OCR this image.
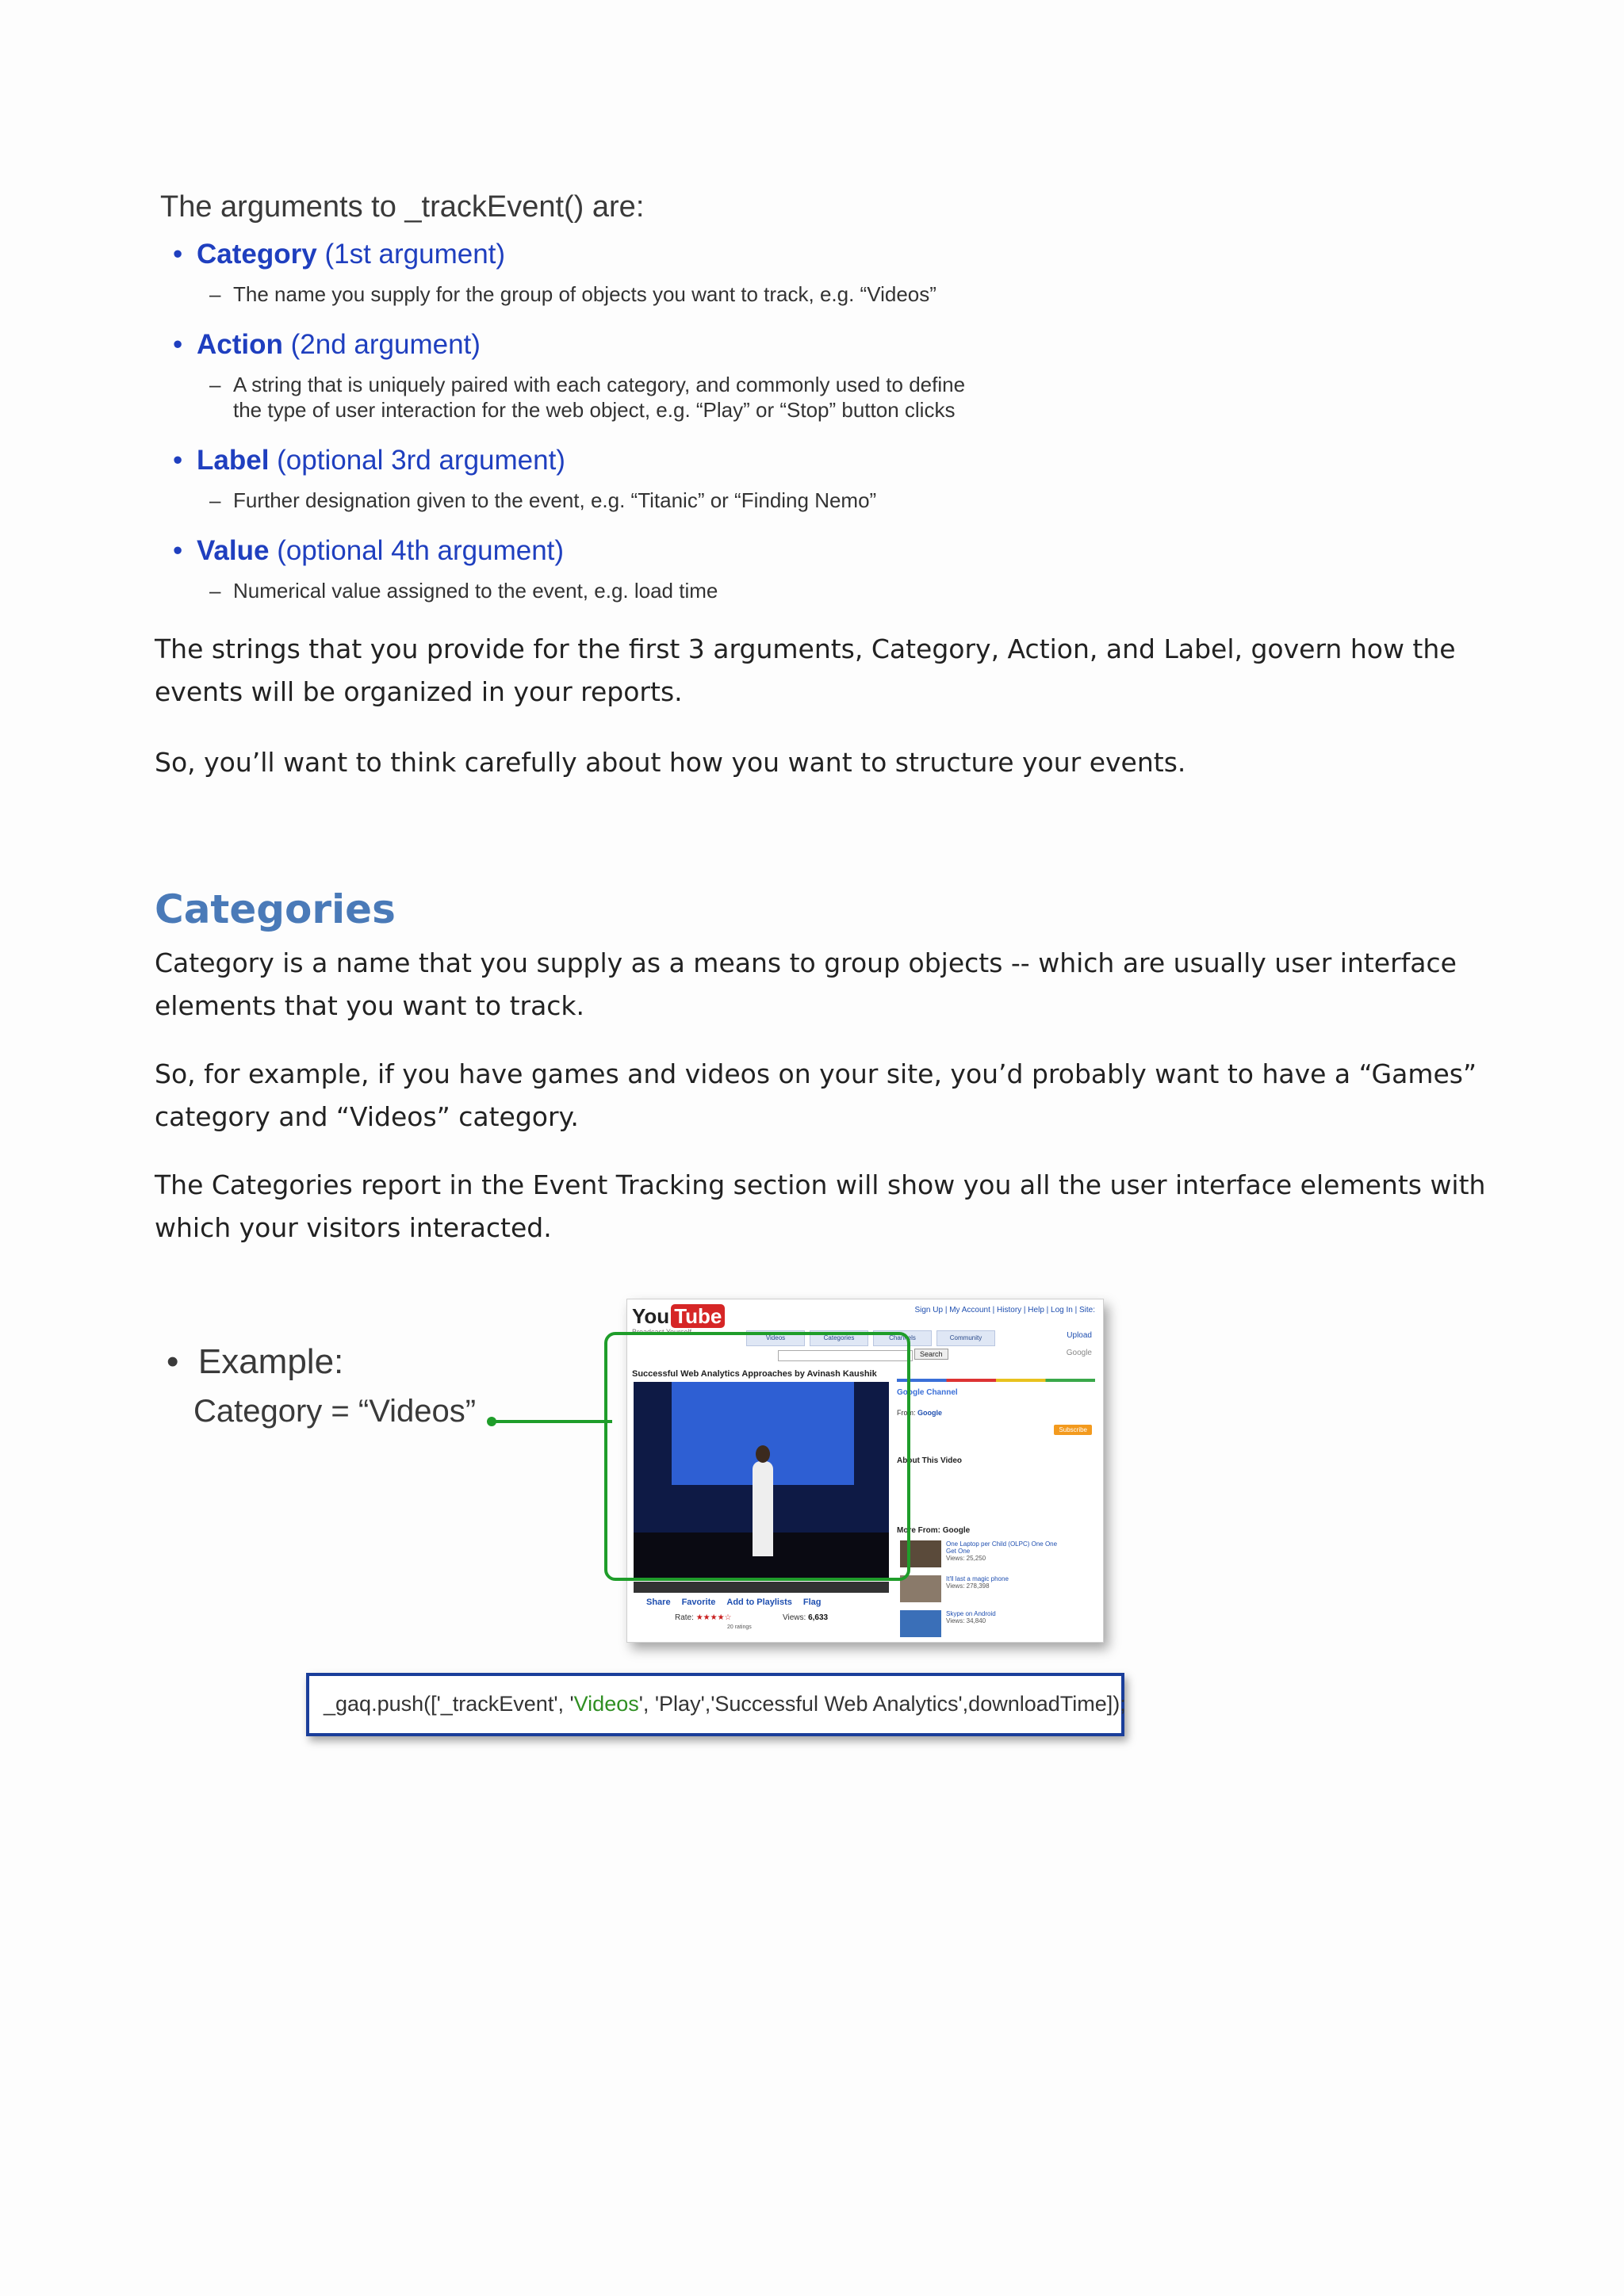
The arguments to _trackEvent() are:

• Category (1st argument)

– The name you supply for the group of objects you want to track, e.g. “Videos”

• Action (2nd argument)

– A string that is uniquely paired with each category, and commonly used to define
the type of user interaction for the web object, e.g. “Play” or “Stop” button clicks

• Label (optional 3rd argument)

– Further designation given to the event, e.g. “Titanic” or “Finding Nemo”

• Value (optional 4th argument)

– Numerical value assigned to the event, e.g. load time

The strings that you provide for the first 3 arguments, Category, Action, and Label, govern how the events will be organized in your reports.

So, you’ll want to think carefully about how you want to structure your events.

Categories

Category is a name that you supply as a means to group objects -- which are usually user interface elements that you want to track.

So, for example, if you have games and videos on your site, you’d probably want to have a “Games” category and “Videos” category.

The Categories report in the Event Tracking section will show you all the user interface elements with which your visitors interacted.

• Example:
Category = “Videos”
You Tube
Broadcast Yourself
Sign Up | My Account | History | Help | Log In | Site:
Videos	Categories	Channels	Community	Upload
Search	Google
Successful Web Analytics Approaches by Avinash Kaushik
Share Favorite Add to Playlists Flag
Rate: ★★★★☆
20 ratings
Views: 6,633
Google Channel
From: Google
Subscribe
About This Video
More From: Google
One Laptop per Child (OLPC) One One Get One
Views: 25,250
It'll last a magic phone
Views: 278,398
Skype on Android
Views: 34,840
_gaq.push(['_trackEvent', 'Videos', 'Play','Successful Web Analytics',downloadTime]);
